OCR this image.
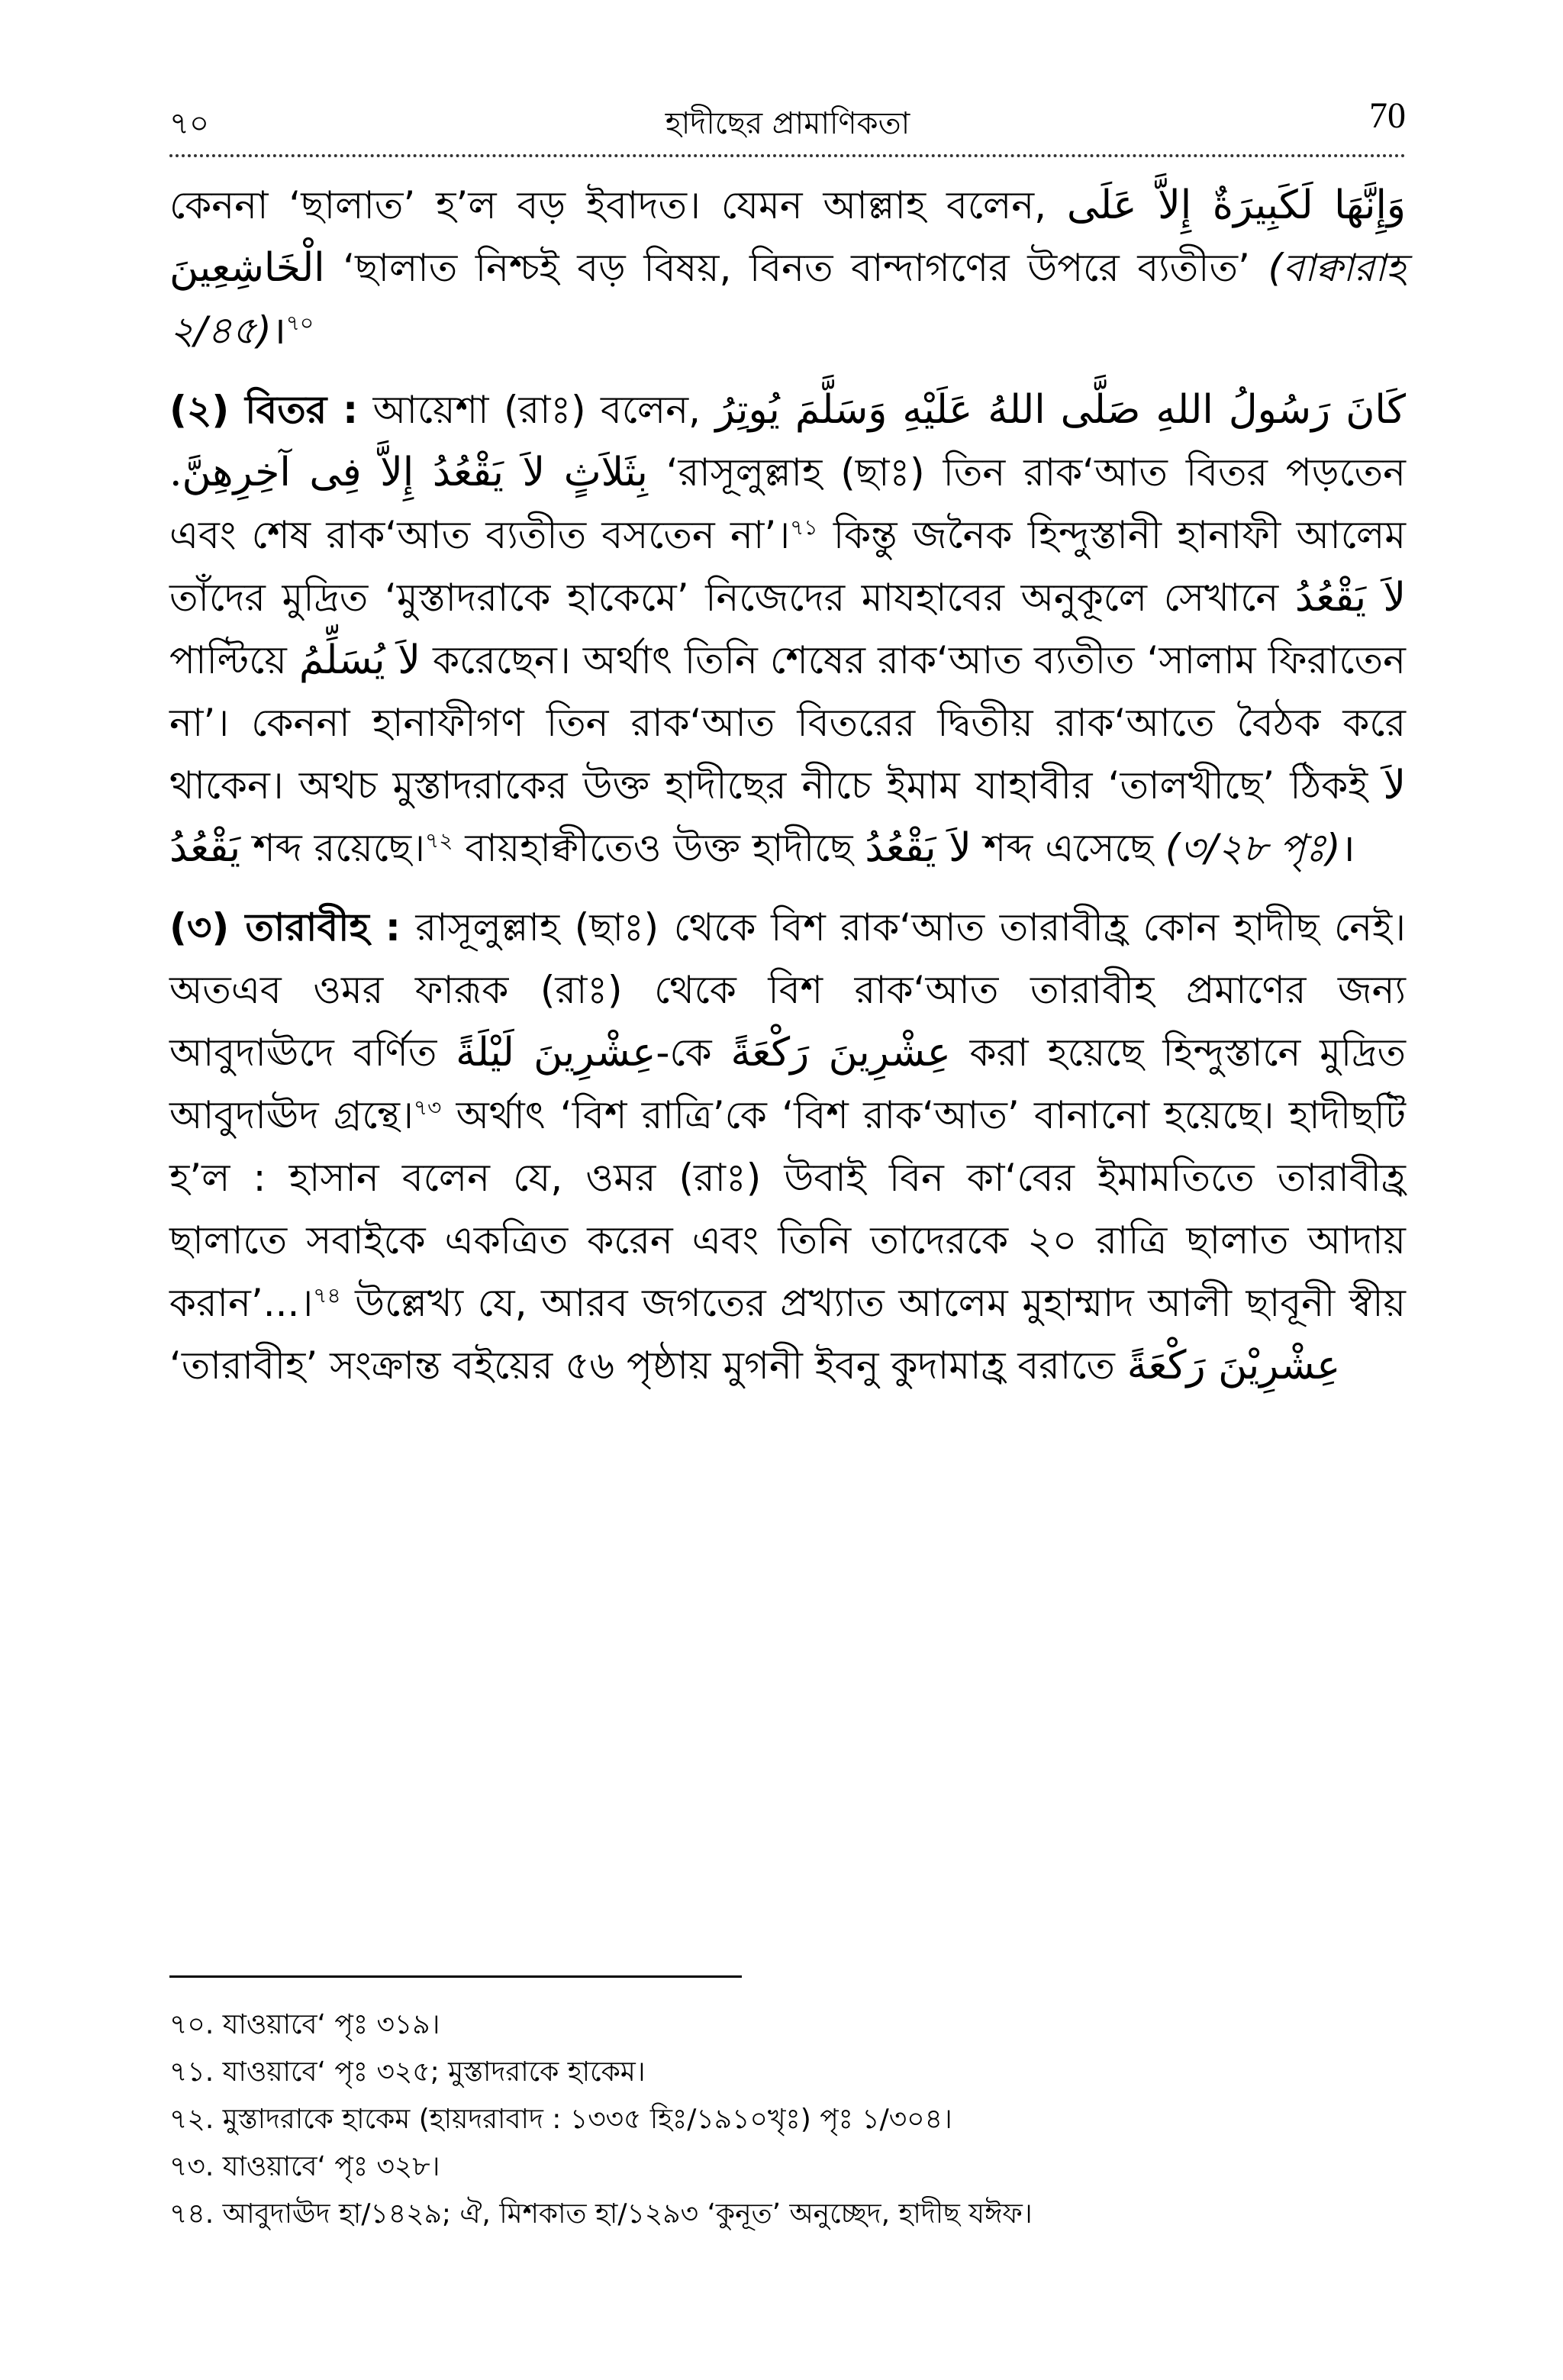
৭০	হাদীছের প্রামাণিকতা	70

কেননা ‘ছালাত’ হ’ল বড় ইবাদত। যেমন আল্লাহ বলেন, وَإِنَّهَا لَكَبِيرَةٌ إِلاَّ عَلَى الْخَاشِعِينَ ‘ছালাত নিশ্চই বড় বিষয়, বিনত বান্দাগণের উপরে ব্যতীত’ (বাক্বারাহ ২/৪৫)।$^{৭০}$

(২) বিতর : আয়েশা (রাঃ) বলেন, كَانَ رَسُولُ اللهِ صَلَّى اللهُ عَلَيْهِ وَسَلَّمَ يُوتِرُ بِثَلاَثٍ لاَ يَقْعُدُ إِلاَّ فِى آخِرِهِنَّ. ‘রাসূলুল্লাহ (ছাঃ) তিন রাক‘আত বিতর পড়তেন এবং শেষ রাক‘আত ব্যতীত বসতেন না’।$^{৭১}$ কিন্তু জনৈক হিন্দুস্তানী হানাফী আলেম তাঁদের মুদ্রিত ‘মুস্তাদরাকে হাকেমে’ নিজেদের মাযহাবের অনুকূলে সেখানে لاَ يَقْعُدُ পাল্টিয়ে لاَ يُسَلِّمُ করেছেন। অর্থাৎ তিনি শেষের রাক‘আত ব্যতীত ‘সালাম ফিরাতেন না’। কেননা হানাফীগণ তিন রাক‘আত বিতরের দ্বিতীয় রাক‘আতে বৈঠক করে থাকেন। অথচ মুস্তাদরাকের উক্ত হাদীছের নীচে ইমাম যাহাবীর ‘তালখীছে’ ঠিকই لاَ يَقْعُدُ শব্দ রয়েছে।$^{৭২}$ বায়হাক্বীতেও উক্ত হাদীছে لاَ يَقْعُدُ শব্দ এসেছে (৩/২৮ পৃঃ)।

(৩) তারাবীহ : রাসূলুল্লাহ (ছাঃ) থেকে বিশ রাক‘আত তারাবীহ্র কোন হাদীছ নেই। অতএব ওমর ফারূক (রাঃ) থেকে বিশ রাক‘আত তারাবীহ প্রমাণের জন্য আবুদাঊদে বর্ণিত عِشْرِينَ لَيْلَةً-কে عِشْرِينَ رَكْعَةً করা হয়েছে হিন্দুস্তানে মুদ্রিত আবুদাঊদ গ্রন্থে।$^{৭৩}$ অর্থাৎ ‘বিশ রাত্রি’কে ‘বিশ রাক‘আত’ বানানো হয়েছে। হাদীছটি হ’ল : হাসান বলেন যে, ওমর (রাঃ) উবাই বিন কা‘বের ইমামতিতে তারাবীহ্র ছালাতে সবাইকে একত্রিত করেন এবং তিনি তাদেরকে ২০ রাত্রি ছালাত আদায় করান’...।$^{৭৪}$ উল্লেখ্য যে, আরব জগতের প্রখ্যাত আলেম মুহাম্মাদ আলী ছাবূনী স্বীয় ‘তারাবীহ’ সংক্রান্ত বইয়ের ৫৬ পৃষ্ঠায় মুগনী ইবনু কুদামাহ্র বরাতে عِشْرِيْنَ رَكْعَةً

৭০. যাওয়াবে‘ পৃঃ ৩১৯।
৭১. যাওয়াবে‘ পৃঃ ৩২৫; মুস্তাদরাকে হাকেম।
৭২. মুস্তাদরাকে হাকেম (হায়দরাবাদ : ১৩৩৫ হিঃ/১৯১০খৃঃ) পৃঃ ১/৩০৪।
৭৩. যাওয়াবে‘ পৃঃ ৩২৮।
৭৪. আবুদাঊদ হা/১৪২৯; ঐ, মিশকাত হা/১২৯৩ ‘কুনূত’ অনুচ্ছেদ, হাদীছ যঈফ।
